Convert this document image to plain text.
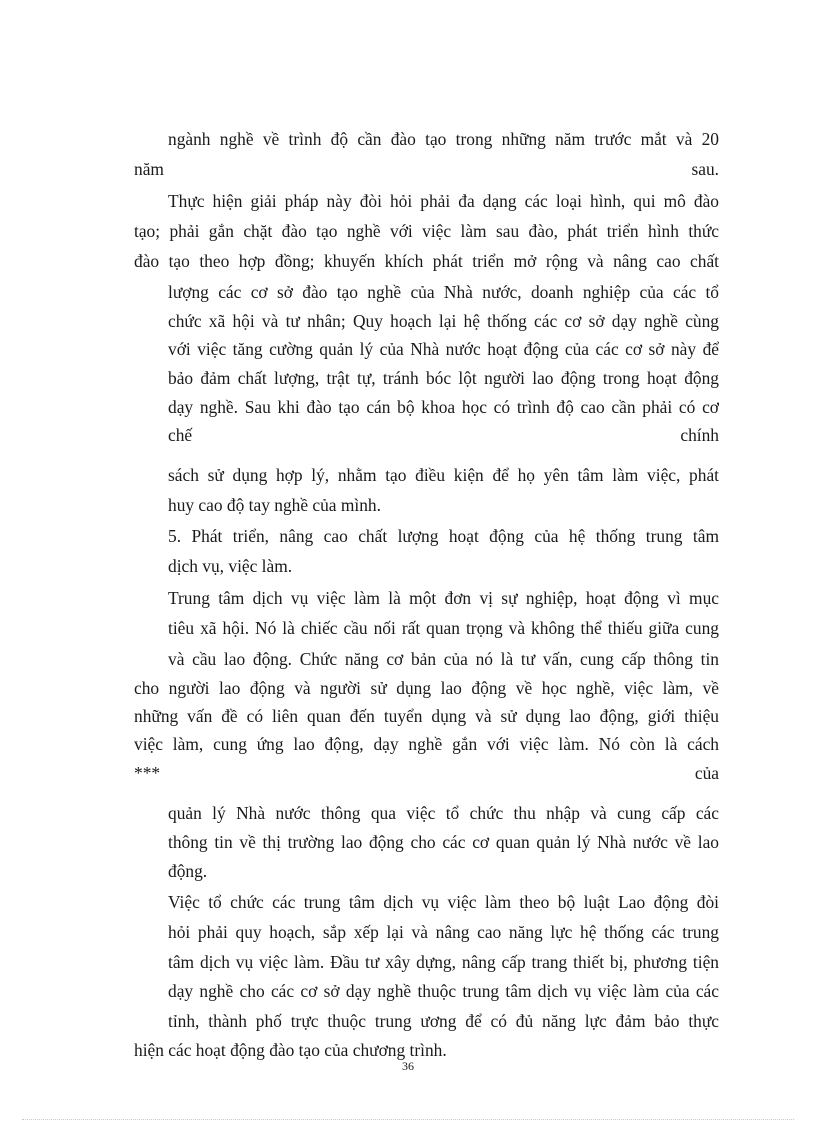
ngành nghề về trình độ cần đào tạo trong những năm trước mắt và 20
năm sau.
Thực hiện giải pháp này đòi hỏi phải đa dạng các loại hình, qui mô đào
tạo; phải gắn chặt đào tạo nghề với việc làm sau đào, phát triển hình thức
đào tạo theo hợp đồng; khuyến khích phát triển mở rộng và nâng cao chất
lượng các cơ sở đào tạo nghề của Nhà nước, doanh nghiệp của các tổ
chức xã hội và tư nhân; Quy hoạch lại hệ thống các cơ sở dạy nghề cùng
với việc tăng cường quản lý của Nhà nước hoạt động của các cơ sở này để
bảo đảm chất lượng, trật tự, tránh bóc lột người lao động trong hoạt động
dạy nghề. Sau khi đào tạo cán bộ khoa học có trình độ cao cần phải có cơ
chế chính
sách sử dụng hợp lý, nhằm tạo điều kiện để họ yên tâm làm việc, phát
huy cao độ tay nghề của mình.
5. Phát triển, nâng cao chất lượng hoạt động của hệ thống trung tâm
dịch vụ, việc làm.
Trung tâm dịch vụ việc làm là một đơn vị sự nghiệp, hoạt động vì mục
tiêu xã hội. Nó là chiếc cầu nối rất quan trọng và không thể thiếu giữa cung
và cầu lao động. Chức năng cơ bản của nó là tư vấn, cung cấp thông tin
cho người lao động và người sử dụng lao động về học nghề, việc làm, về
những vấn đề có liên quan đến tuyển dụng và sử dụng lao động, giới thiệu
việc làm, cung ứng lao động, dạy nghề gắn với việc làm. Nó còn là cách
*** của
quản lý Nhà nước thông qua việc tổ chức thu nhập và cung cấp các
thông tin về thị trường lao động cho các cơ quan quản lý Nhà nước về lao
động.
Việc tổ chức các trung tâm dịch vụ việc làm theo bộ luật Lao động đòi
hỏi phải quy hoạch, sắp xếp lại và nâng cao năng lực hệ thống các trung
tâm dịch vụ việc làm. Đầu tư xây dựng, nâng cấp trang thiết bị, phương tiện
dạy nghề cho các cơ sở dạy nghề thuộc trung tâm dịch vụ việc làm của các
tỉnh, thành phố trực thuộc trung ương để có đủ năng lực đảm bảo thực
hiện các hoạt động đào tạo của chương trình.
36
